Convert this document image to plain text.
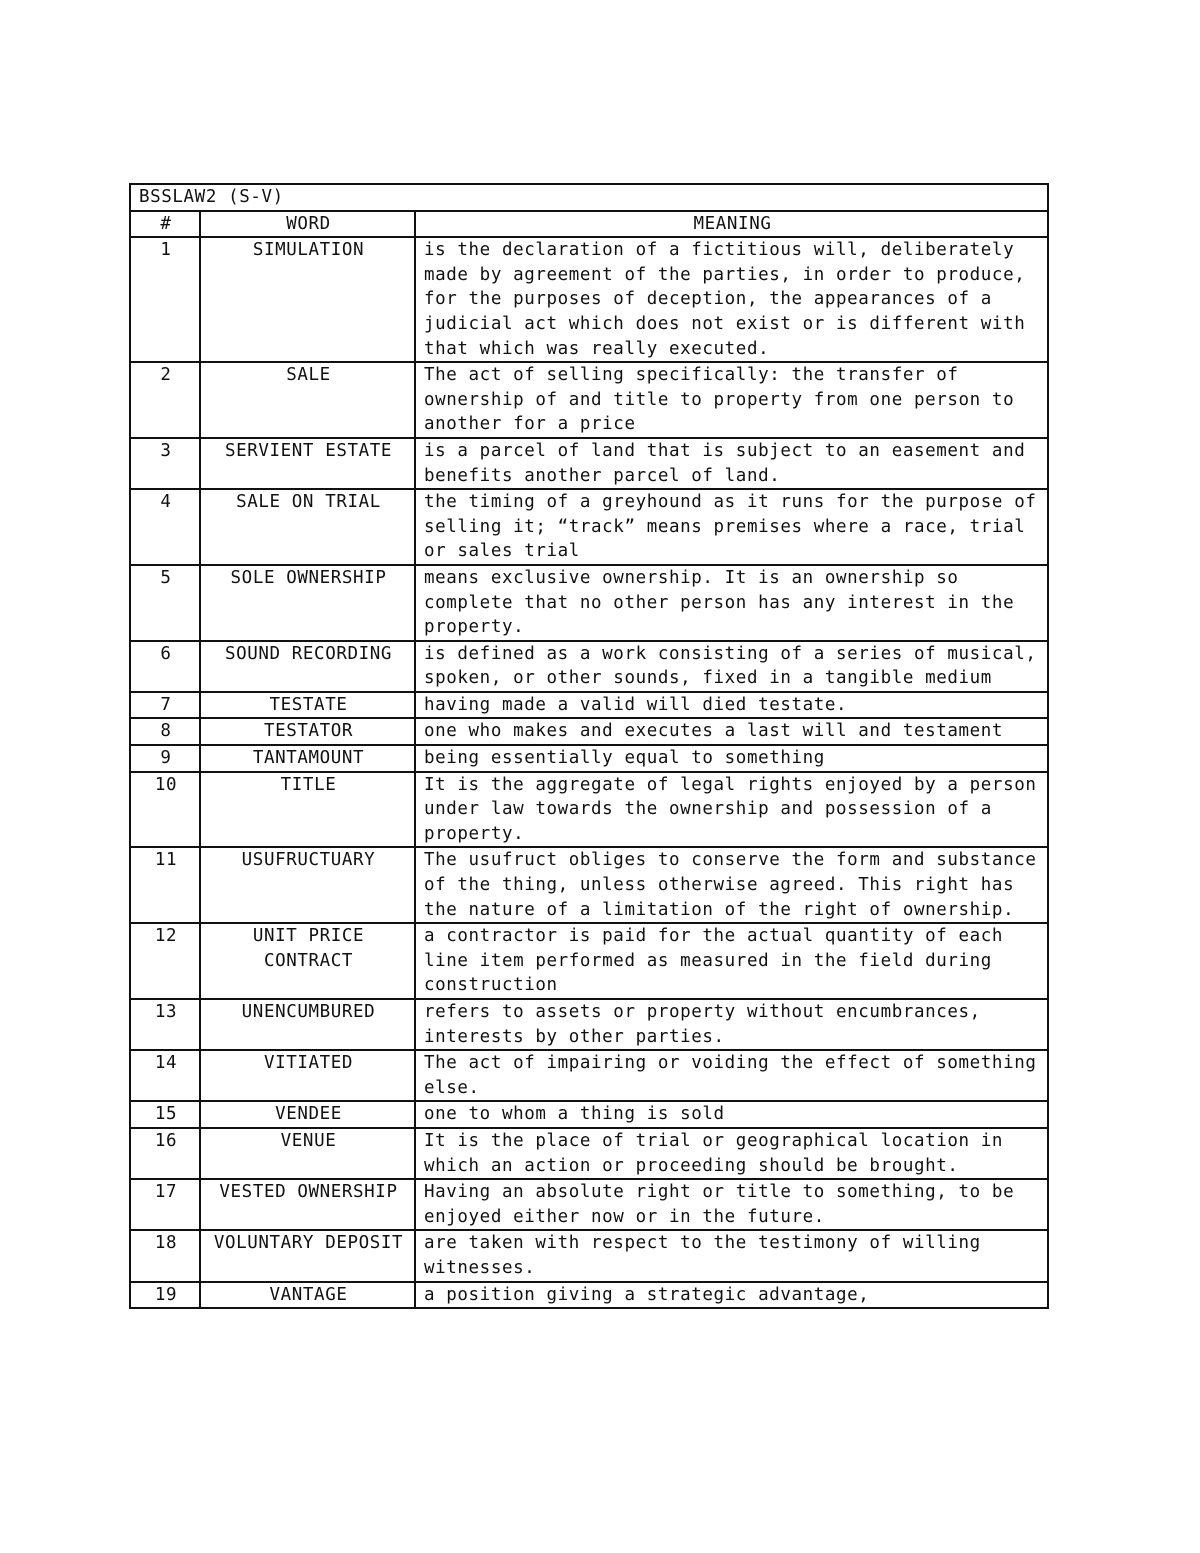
BSSLAW2 (S-V)		
#	WORD	MEANING
1	SIMULATION	is the declaration of a fictitious will, deliberately made by agreement of the parties, in order to produce, for the purposes of deception, the appearances of a judicial act which does not exist or is different with that which was really executed.
2	SALE	The act of selling specifically: the transfer of ownership of and title to property from one person to another for a price
3	SERVIENT ESTATE	is a parcel of land that is subject to an easement and benefits another parcel of land.
4	SALE ON TRIAL	the timing of a greyhound as it runs for the purpose of selling it; “track” means premises where a race, trial or sales trial
5	SOLE OWNERSHIP	means exclusive ownership. It is an ownership so complete that no other person has any interest in the property.
6	SOUND RECORDING	is defined as a work consisting of a series of musical, spoken, or other sounds, fixed in a tangible medium
7	TESTATE	having made a valid will died testate.
8	TESTATOR	one who makes and executes a last will and testament
9	TANTAMOUNT	being essentially equal to something
10	TITLE	It is the aggregate of legal rights enjoyed by a person under law towards the ownership and possession of a property.
11	USUFRUCTUARY	The usufruct obliges to conserve the form and substance of the thing, unless otherwise agreed. This right has the nature of a limitation of the right of ownership.
12	UNIT PRICE CONTRACT	a contractor is paid for the actual quantity of each line item performed as measured in the field during construction
13	UNENCUMBURED	refers to assets or property without encumbrances, interests by other parties.
14	VITIATED	The act of impairing or voiding the effect of something else.
15	VENDEE	one to whom a thing is sold
16	VENUE	It is the place of trial or geographical location in which an action or proceeding should be brought.
17	VESTED OWNERSHIP	Having an absolute right or title to something, to be enjoyed either now or in the future.
18	VOLUNTARY DEPOSIT	are taken with respect to the testimony of willing witnesses.
19	VANTAGE	a position giving a strategic advantage,
